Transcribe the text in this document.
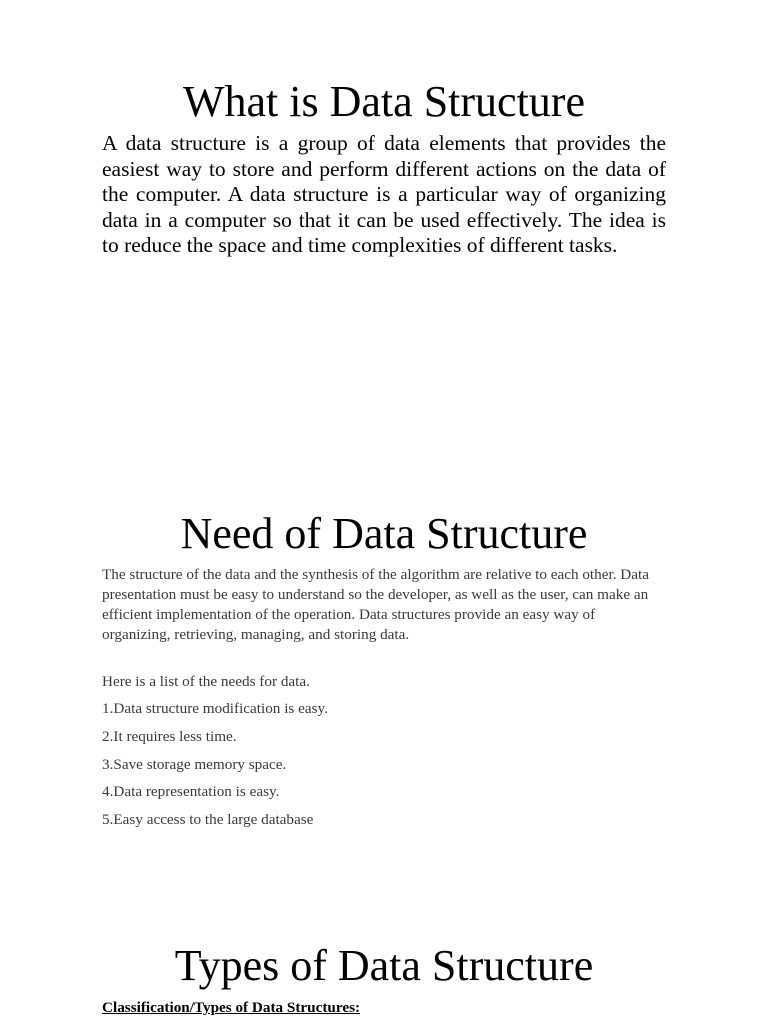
What is Data Structure

A data structure is a group of data elements that provides the easiest way to store and perform different actions on the data of the computer. A data structure is a particular way of organizing data in a computer so that it can be used effectively. The idea is to reduce the space and time complexities of different tasks.

Need of Data Structure

The structure of the data and the synthesis of the algorithm are relative to each other. Data presentation must be easy to understand so the developer, as well as the user, can make an efficient implementation of the operation. Data structures provide an easy way of organizing, retrieving, managing, and storing data.

Here is a list of the needs for data.

1.Data structure modification is easy.

2.It requires less time.

3.Save storage memory space.

4.Data representation is easy.

5.Easy access to the large database

Types of Data Structure

Classification/Types of Data Structures:
